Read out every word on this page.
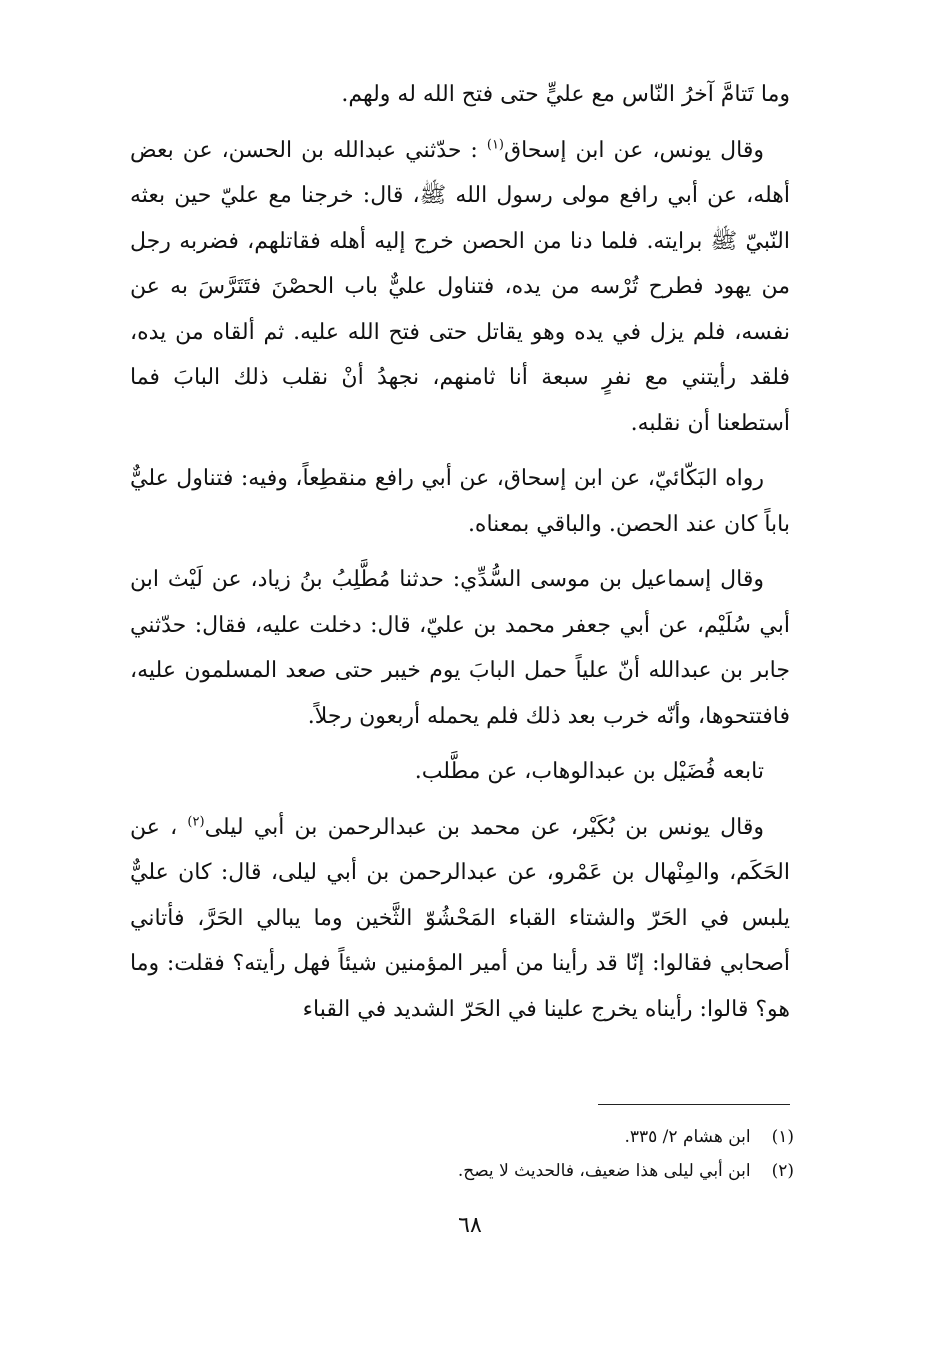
وما تَتامَّ آخرُ النّاس مع عليٍّ حتى فتح الله له ولهم.

وقال يونس، عن ابن إسحاق$^{(١)}$ : حدّثني عبدالله بن الحسن، عن بعض أهله، عن أبي رافع مولى رسول الله ﷺ، قال: خرجنا مع عليّ حين بعثه النّبيّ ﷺ برايته. فلما دنا من الحصن خرج إليه أهله فقاتلهم، فضربه رجل من يهود فطرح تُرْسه من يده، فتناول عليٌّ باب الحصْنَ فتَتَرَّسَ به عن نفسه، فلم يزل في يده وهو يقاتل حتى فتح الله عليه. ثم ألقاه من يده، فلقد رأيتني مع نفرٍ سبعة أنا ثامنهم، نجهدُ أنْ نقلب ذلك البابَ فما أستطعنا أن نقلبه.

رواه البَكّائيّ، عن ابن إسحاق، عن أبي رافع منقطِعاً، وفيه: فتناول عليٌّ باباً كان عند الحصن. والباقي بمعناه.

وقال إسماعيل بن موسى السُّدِّي: حدثنا مُطَّلِبُ بنُ زياد، عن لَيْث ابن أبي سُلَيْم، عن أبي جعفر محمد بن عليّ، قال: دخلت عليه، فقال: حدّثني جابر بن عبدالله أنّ علياً حمل البابَ يوم خيبر حتى صعد المسلمون عليه، فافتتحوها، وأنّه خرب بعد ذلك فلم يحمله أربعون رجلاً.

تابعه فُضَيْل بن عبدالوهاب، عن مطَّلب.

وقال يونس بن بُكَيْر، عن محمد بن عبدالرحمن بن أبي ليلى$^{(٢)}$ ، عن الحَكَم، والمِنْهال بن عَمْرو، عن عبدالرحمن بن أبي ليلى، قال: كان عليٌّ يلبس في الحَرّ والشتاء القباء المَحْشُوّ الثَّخين وما يبالي الحَرَّ، فأتاني أصحابي فقالوا: إنّا قد رأينا من أمير المؤمنين شيئاً فهل رأيته؟ فقلت: وما هو؟ قالوا: رأيناه يخرج علينا في الحَرّ الشديد في القباء

(١) ابن هشام ٢/ ٣٣٥.
(٢) ابن أبي ليلى هذا ضعيف، فالحديث لا يصح.
٦٨
